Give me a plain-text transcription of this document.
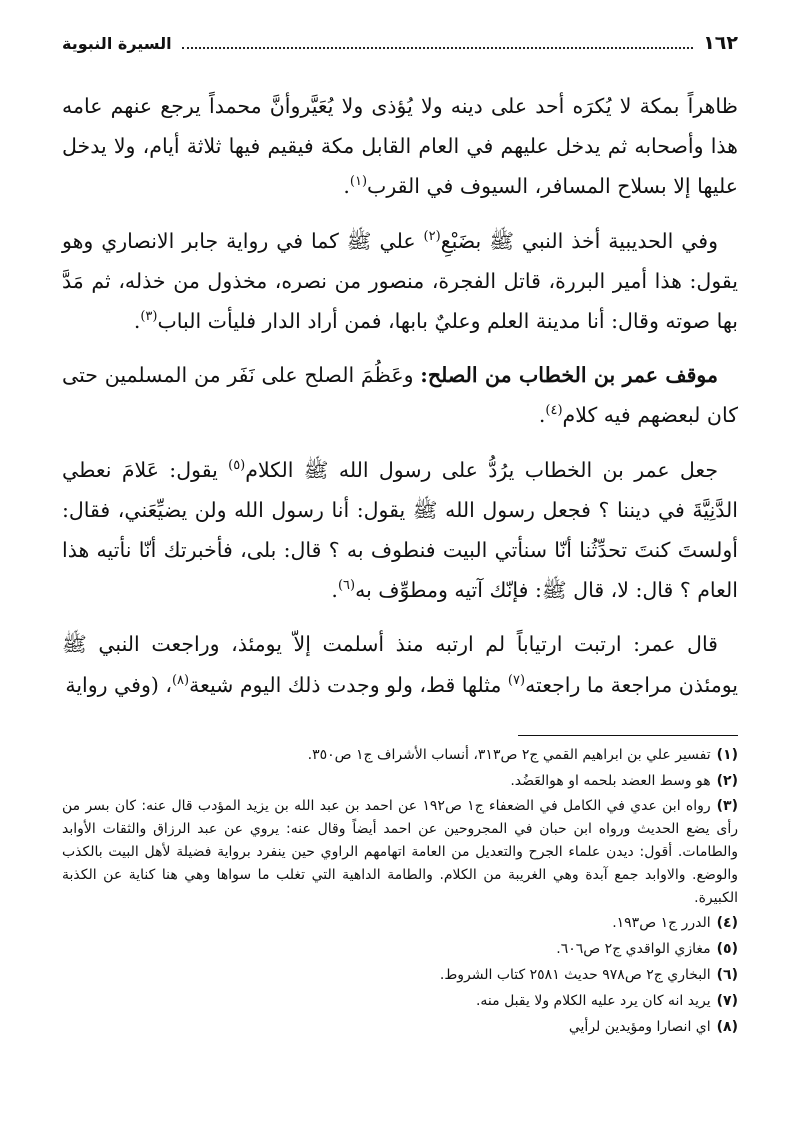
١٦٢
السيرة النبوية

ظاهراً بمكة لا يُكرَه أحد على دينه ولا يُؤذى ولا يُعَيَّروأنَّ محمداً يرجع عنهم عامه هذا وأصحابه ثم يدخل عليهم في العام القابل مكة فيقيم فيها ثلاثة أيام، ولا يدخل عليها إلا بسلاح المسافر، السيوف في القرب$^{(١)}$.

وفي الحديبية أخذ النبي ﷺ بضَبْعِ$^{(٢)}$ علي ﷺ كما في رواية جابر الانصاري وهو يقول: هذا أمير البررة، قاتل الفجرة، منصور من نصره، مخذول من خذله، ثم مَدَّ بها صوته وقال: أنا مدينة العلم وعليٌ بابها، فمن أراد الدار فليأت الباب$^{(٣)}$.

موقف عمر بن الخطاب من الصلح: وعَظُمَ الصلح على نَفَر من المسلمين حتى كان لبعضهم فيه كلام$^{(٤)}$.

جعل عمر بن الخطاب يرُدُّ على رسول الله ﷺ الكلام$^{(٥)}$ يقول: عَلامَ نعطي الدَّنِيَّةَ في ديننا ؟ فجعل رسول الله ﷺ يقول: أنا رسول الله ولن يضيِّعَني، فقال: أولستَ كنتَ تحدِّثُنا أنّا سنأتي البيت فنطوف به ؟ قال: بلى، فأخبرتك أنّا نأتيه هذا العام ؟ قال: لا، قال ﷺ: فإنّك آتيه ومطوِّف به$^{(٦)}$.

قال عمر: ارتبت ارتياباً لم ارتبه منذ أسلمت إلاّ يومئذ، وراجعت النبي ﷺ يومئذن مراجعة ما راجعته$^{(٧)}$ مثلها قط، ولو وجدت ذلك اليوم شيعة$^{(٨)}$، (وفي رواية

(١)تفسير علي بن ابراهيم القمي ج٢ ص٣١٣، أنساب الأشراف ج١ ص٣٥٠.
(٢)هو وسط العضد بلحمه او هوالعَضُد.
(٣)رواه ابن عدي في الكامل في الضعفاء ج١ ص١٩٢ عن احمد بن عبد الله بن يزيد المؤدب قال عنه: كان بسر من رأى يضع الحديث ورواه ابن حبان في المجروحين عن احمد أيضاً وقال عنه: يروي عن عبد الرزاق والثقات الأوابد والطامات. أقول: ديدن علماء الجرح والتعديل من العامة اتهامهم الراوي حين ينفرد برواية فضيلة لأهل البيت بالكذب والوضع. والاوابد جمع آبدة وهي الغريبة من الكلام. والطامة الداهية التي تغلب ما سواها وهي هنا كناية عن الكذبة الكبيرة.
(٤)الدرر ج١ ص١٩٣.
(٥)مغازي الواقدي ج٢ ص٦٠٦.
(٦)البخاري ج٢ ص٩٧٨ حديث ٢٥٨١ كتاب الشروط.
(٧)يريد انه كان يرد عليه الكلام ولا يقبل منه.
(٨)اي انصارا ومؤيدين لرأيي
